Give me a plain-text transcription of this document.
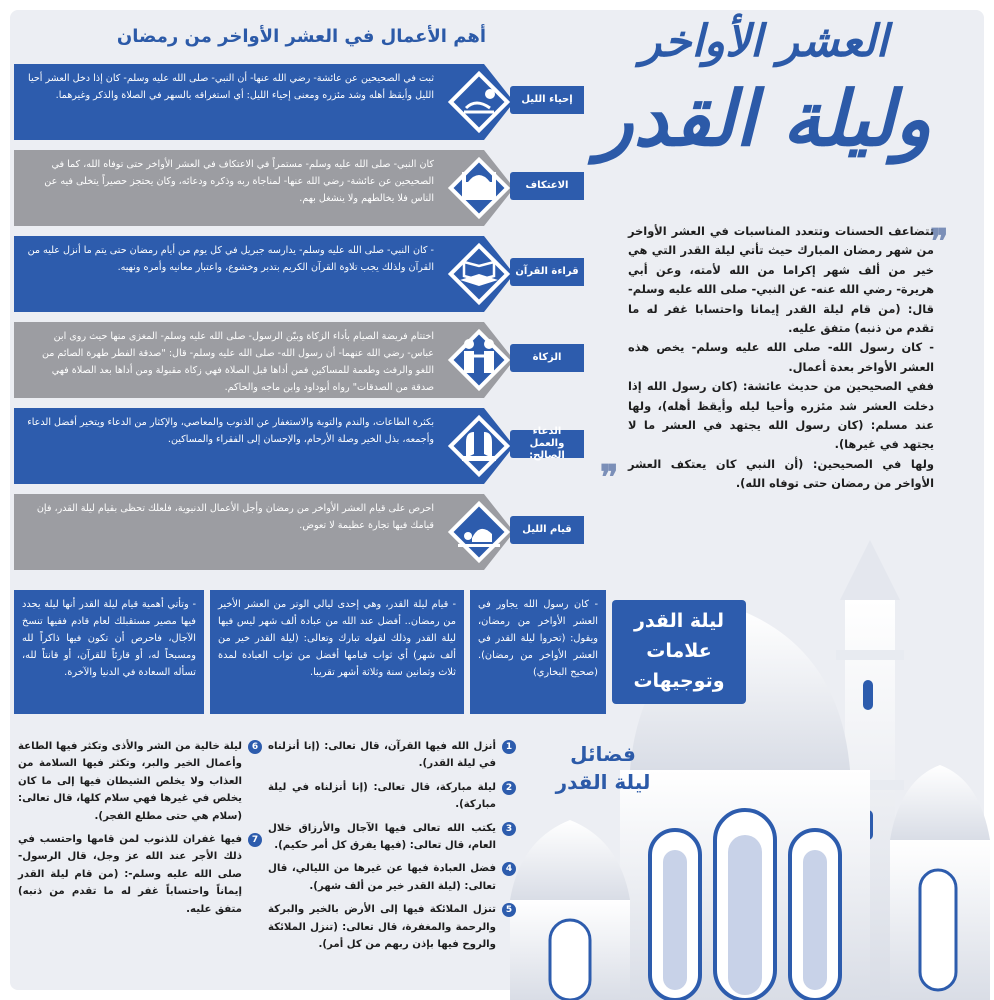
العشر الأواخر
وليلة القدر
أهم الأعمال في العشر الأواخر من رمضان
ثبت في الصحيحين عن عائشة- رضي الله عنها- أن النبي- صلى الله عليه وسلم- كان إذا دخل العشر أحيا الليل وأيقظ أهله وشد مئزره ومعنى إحياء الليل: أي استغراقه بالسهر في الصلاة والذكر وغيرهما.	إحياء الليل
كان النبي- صلى الله عليه وسلم- مستمراً في الاعتكاف في العشر الأواخر حتى توفاه الله، كما في الصحيحين عن عائشة- رضي الله عنها- لمناجاة ربه وذكره ودعائه، وكان يحتجز حصيراً يتخلى فيه عن الناس فلا يخالطهم ولا ينشغل بهم.
الاعتكاف
- كان النبي- صلى الله عليه وسلم- يدارسه جبريل في كل يوم من أيام رمضان حتى يتم ما أنزل عليه من القرآن ولذلك يجب تلاوة القرآن الكريم بتدبر وخشوع، واعتبار معانيه وأمره ونهيه.	قراءة القرآن
اختتام فريضة الصيام بأداء الزكاة وبيّن الرسول- صلى الله عليه وسلم- المغزى منها حيث روى ابن عباس- رضي الله عنهما- أن رسول الله- صلى الله عليه وسلم- قال: "صدقة الفطر طهرة الصائم من اللغو والرفث وطعمة للمساكين فمن أداها قبل الصلاة فهي زكاة مقبولة ومن أداها بعد الصلاة فهي صدقة من الصدقات" رواه أبوداود وابن ماجه والحاكم.
الزكاة
بكثرة الطاعات، والندم والتوبة والاستغفار عن الذنوب والمعاصي، والإكثار من الدعاء ويتخير أفضل الدعاء وأجمعه، بذل الخير وصلة الأرحام، والإحسان إلى الفقراء والمساكين.
الدعاء والعمل الصالح:
احرص على قيام العشر الأواخر من رمضان وأجل الأعمال الدنيوية، فلعلك تحظى بقيام ليلة القدر، فإن قيامك فيها تجارة عظيمة لا تعوض.	قيام الليل
❞
❞

تتضاعف الحسنات وتتعدد المناسبات في العشر الأواخر من شهر رمضان المبارك حيث تأتي ليلة القدر التي هي خير من ألف شهر إكراما من الله لأمته، وعن أبي هريرة- رضي الله عنه- عن النبي- صلى الله عليه وسلم- قال: (من قام ليلة القدر إيمانا واحتسابا غفر له ما تقدم من ذنبه) متفق عليه.

- كان رسول الله- صلى الله عليه وسلم- يخص هذه العشر الأواخر بعدة أعمال.

ففي الصحيحين من حديث عائشة: (كان رسول الله إذا دخلت العشر شد مئزره وأحيا ليله وأيقظ أهله)، ولها عند مسلم: (كان رسول الله يجتهد في العشر ما لا يجتهد في غيرها).

ولها في الصحيحين: (أن النبي كان يعتكف العشر الأواخر من رمضان حتى توفاه الله).

ليلة القدر
علامات
وتوجيهات
- كان رسول الله يجاور في العشر الأواخر من رمضان، ويقول: (تحروا ليلة القدر في العشر الأواخر من رمضان). (صحيح البخاري)
- قيام ليلة القدر، وهي إحدى ليالي الوتر من العشر الأخير من رمضان.. أفضل عند الله من عبادة ألف شهر ليس فيها ليلة القدر وذلك لقوله تبارك وتعالى: (ليلة القدر خير من ألف شهر) أي ثواب قيامها أفضل من ثواب العبادة لمدة ثلاث وثمانين سنة وثلاثة أشهر تقريبا.
- وتأتي أهمية قيام ليلة القدر أنها ليلة يحدد فيها مصير مستقبلك لعام قادم ففيها تنسخ الآجال، فاحرص أن تكون فيها ذاكراً لله ومسبحاً له، أو قارئاً للقرآن، أو قانتاً لله، تسأله السعادة في الدنيا والآخرة.
فضائل
ليلة القدر
1
أنزل الله فيها القرآن، قال تعالى: (إنا أنزلناه في ليلة القدر).
2
ليلة مباركة، قال تعالى: (إنا أنزلناه في ليلة مباركة).
3
يكتب الله تعالى فيها الآجال والأرزاق خلال العام، قال تعالى: (فيها يفرق كل أمر حكيم).
4
فضل العبادة فيها عن غيرها من الليالي، قال تعالى: (ليلة القدر خير من ألف شهر).
5
تنزل الملائكة فيها إلى الأرض بالخير والبركة والرحمة والمغفرة، قال تعالى: (تنزل الملائكة والروح فيها بإذن ربهم من كل أمر).
6
ليلة خالية من الشر والأذى وتكثر فيها الطاعة وأعمال الخير والبر، وتكثر فيها السلامة من العذاب ولا يخلص الشيطان فيها إلى ما كان يخلص في غيرها فهي سلام كلها، قال تعالى: (سلام هي حتى مطلع الفجر).
7
فيها غفران للذنوب لمن قامها واحتسب في ذلك الأجر عند الله عز وجل، قال الرسول- صلى الله عليه وسلم-: (من قام ليلة القدر إيماناً واحتساباً غفر له ما تقدم من ذنبه) متفق عليه.
